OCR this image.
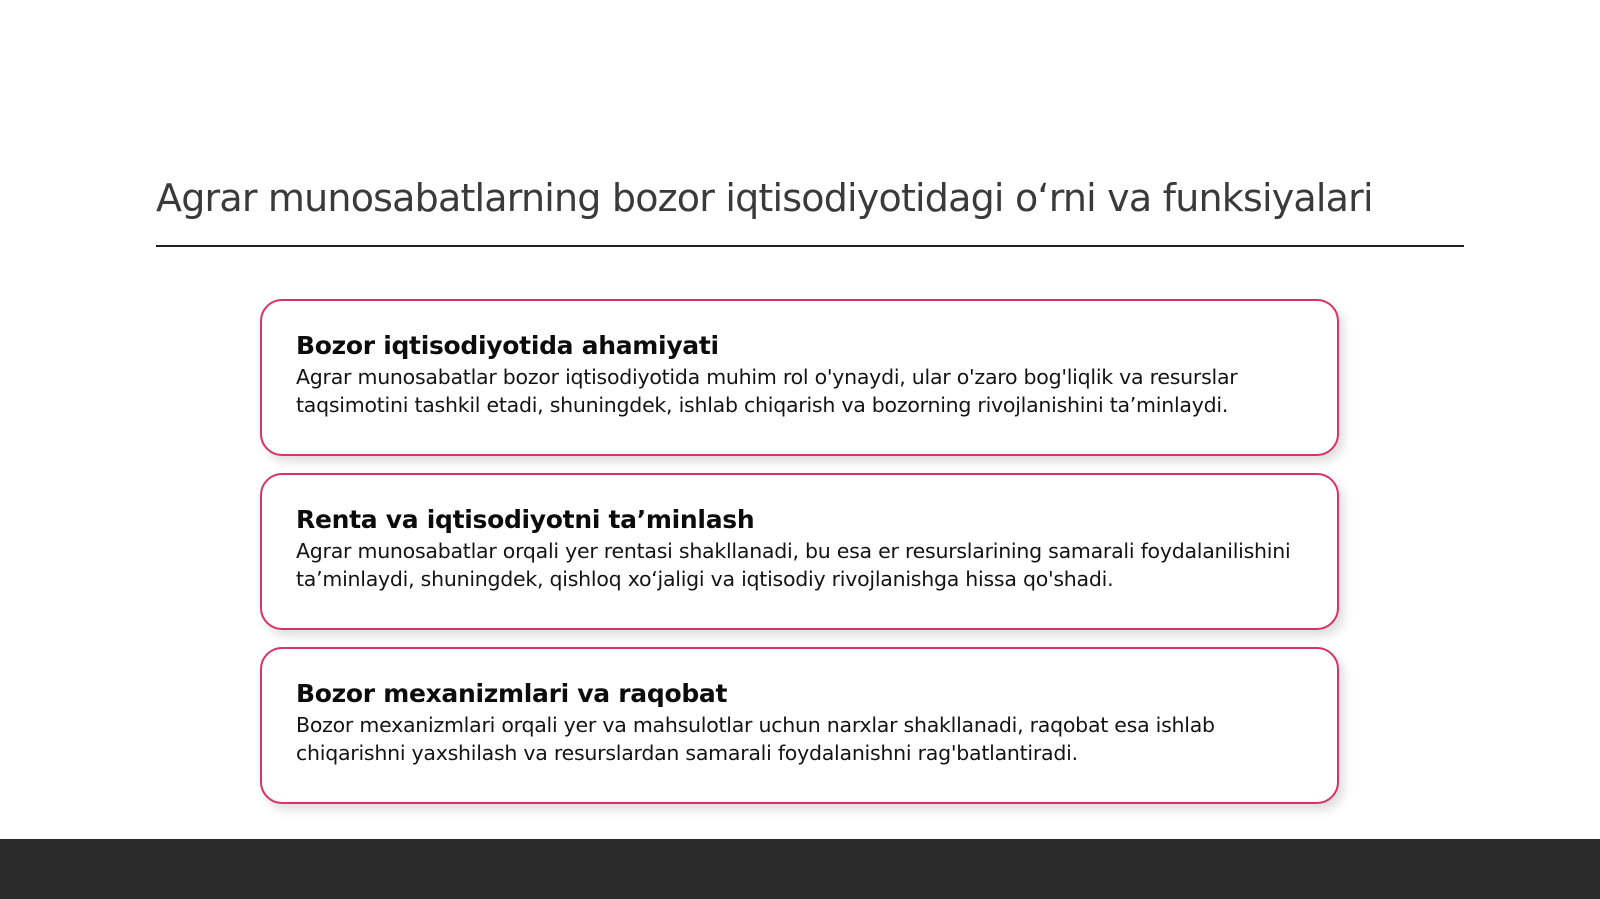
Agrar munosabatlarning bozor iqtisodiyotidagi o‘rni va funksiyalari
Bozor iqtisodiyotida ahamiyati

Agrar munosabatlar bozor iqtisodiyotida muhim rol o'ynaydi, ular o'zaro bog'liqlik va resurslar taqsimotini tashkil etadi, shuningdek, ishlab chiqarish va bozorning rivojlanishini ta’minlaydi.

Renta va iqtisodiyotni ta’minlash

Agrar munosabatlar orqali yer rentasi shakllanadi, bu esa er resurslarining samarali foydalanilishini ta’minlaydi, shuningdek, qishloq xo‘jaligi va iqtisodiy rivojlanishga hissa qo'shadi.

Bozor mexanizmlari va raqobat

Bozor mexanizmlari orqali yer va mahsulotlar uchun narxlar shakllanadi, raqobat esa ishlab chiqarishni yaxshilash va resurslardan samarali foydalanishni rag'batlantiradi.
